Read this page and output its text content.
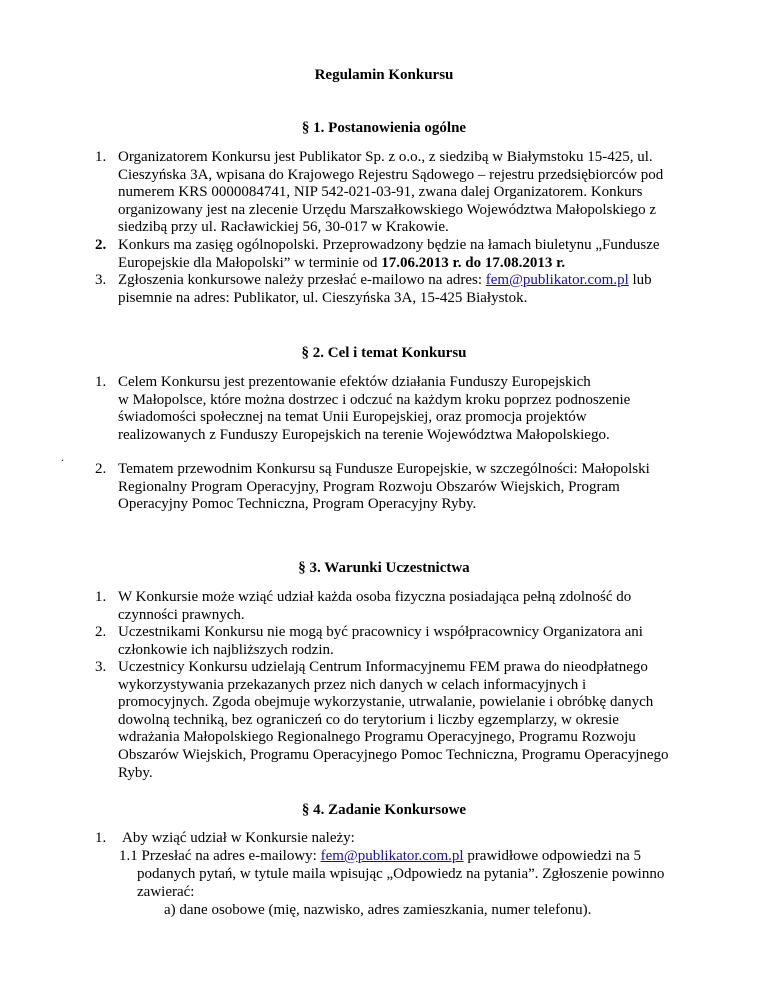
Regulamin Konkursu

§ 1. Postanowienia ogólne

1. Organizatorem Konkursu jest Publikator Sp. z o.o., z siedzibą w Białymstoku 15-425, ul.
Cieszyńska 3A, wpisana do Krajowego Rejestru Sądowego – rejestru przedsiębiorców pod
numerem KRS 0000084741, NIP 542-021-03-91, zwana dalej Organizatorem. Konkurs
organizowany jest na zlecenie Urzędu Marszałkowskiego Województwa Małopolskiego z
siedzibą przy ul. Racławickiej 56, 30-017 w Krakowie.
2. Konkurs ma zasięg ogólnopolski. Przeprowadzony będzie na łamach biuletynu „Fundusze
Europejskie dla Małopolski” w terminie od 17.06.2013 r. do 17.08.2013 r.
3. Zgłoszenia konkursowe należy przesłać e-mailowo na adres: fem@publikator.com.pl lub
pisemnie na adres: Publikator, ul. Cieszyńska 3A, 15-425 Białystok.

§ 2. Cel i temat Konkursu

1. Celem Konkursu jest prezentowanie efektów działania Funduszy Europejskich
w Małopolsce, które można dostrzec i odczuć na każdym kroku poprzez podnoszenie
świadomości społecznej na temat Unii Europejskiej, oraz promocja projektów
realizowanych z Funduszy Europejskich na terenie Województwa Małopolskiego.
.
2. Tematem przewodnim Konkursu są Fundusze Europejskie, w szczególności: Małopolski
Regionalny Program Operacyjny, Program Rozwoju Obszarów Wiejskich, Program
Operacyjny Pomoc Techniczna, Program Operacyjny Ryby.

§ 3. Warunki Uczestnictwa

1. W Konkursie może wziąć udział każda osoba fizyczna posiadająca pełną zdolność do
czynności prawnych.
2. Uczestnikami Konkursu nie mogą być pracownicy i współpracownicy Organizatora ani
członkowie ich najbliższych rodzin.
3. Uczestnicy Konkursu udzielają Centrum Informacyjnemu FEM prawa do nieodpłatnego
wykorzystywania przekazanych przez nich danych w celach informacyjnych i
promocyjnych. Zgoda obejmuje wykorzystanie, utrwalanie, powielanie i obróbkę danych
dowolną techniką, bez ograniczeń co do terytorium i liczby egzemplarzy, w okresie
wdrażania Małopolskiego Regionalnego Programu Operacyjnego, Programu Rozwoju
Obszarów Wiejskich, Programu Operacyjnego Pomoc Techniczna, Programu Operacyjnego
Ryby.

§ 4. Zadanie Konkursowe

1.	Aby wziąć udział w Konkursie należy:
1.1 Przesłać na adres e-mailowy: fem@publikator.com.pl prawidłowe odpowiedzi na 5
podanych pytań, w tytule maila wpisując „Odpowiedz na pytania”. Zgłoszenie powinno
zawierać:
a) dane osobowe (mię, nazwisko, adres zamieszkania, numer telefonu).
